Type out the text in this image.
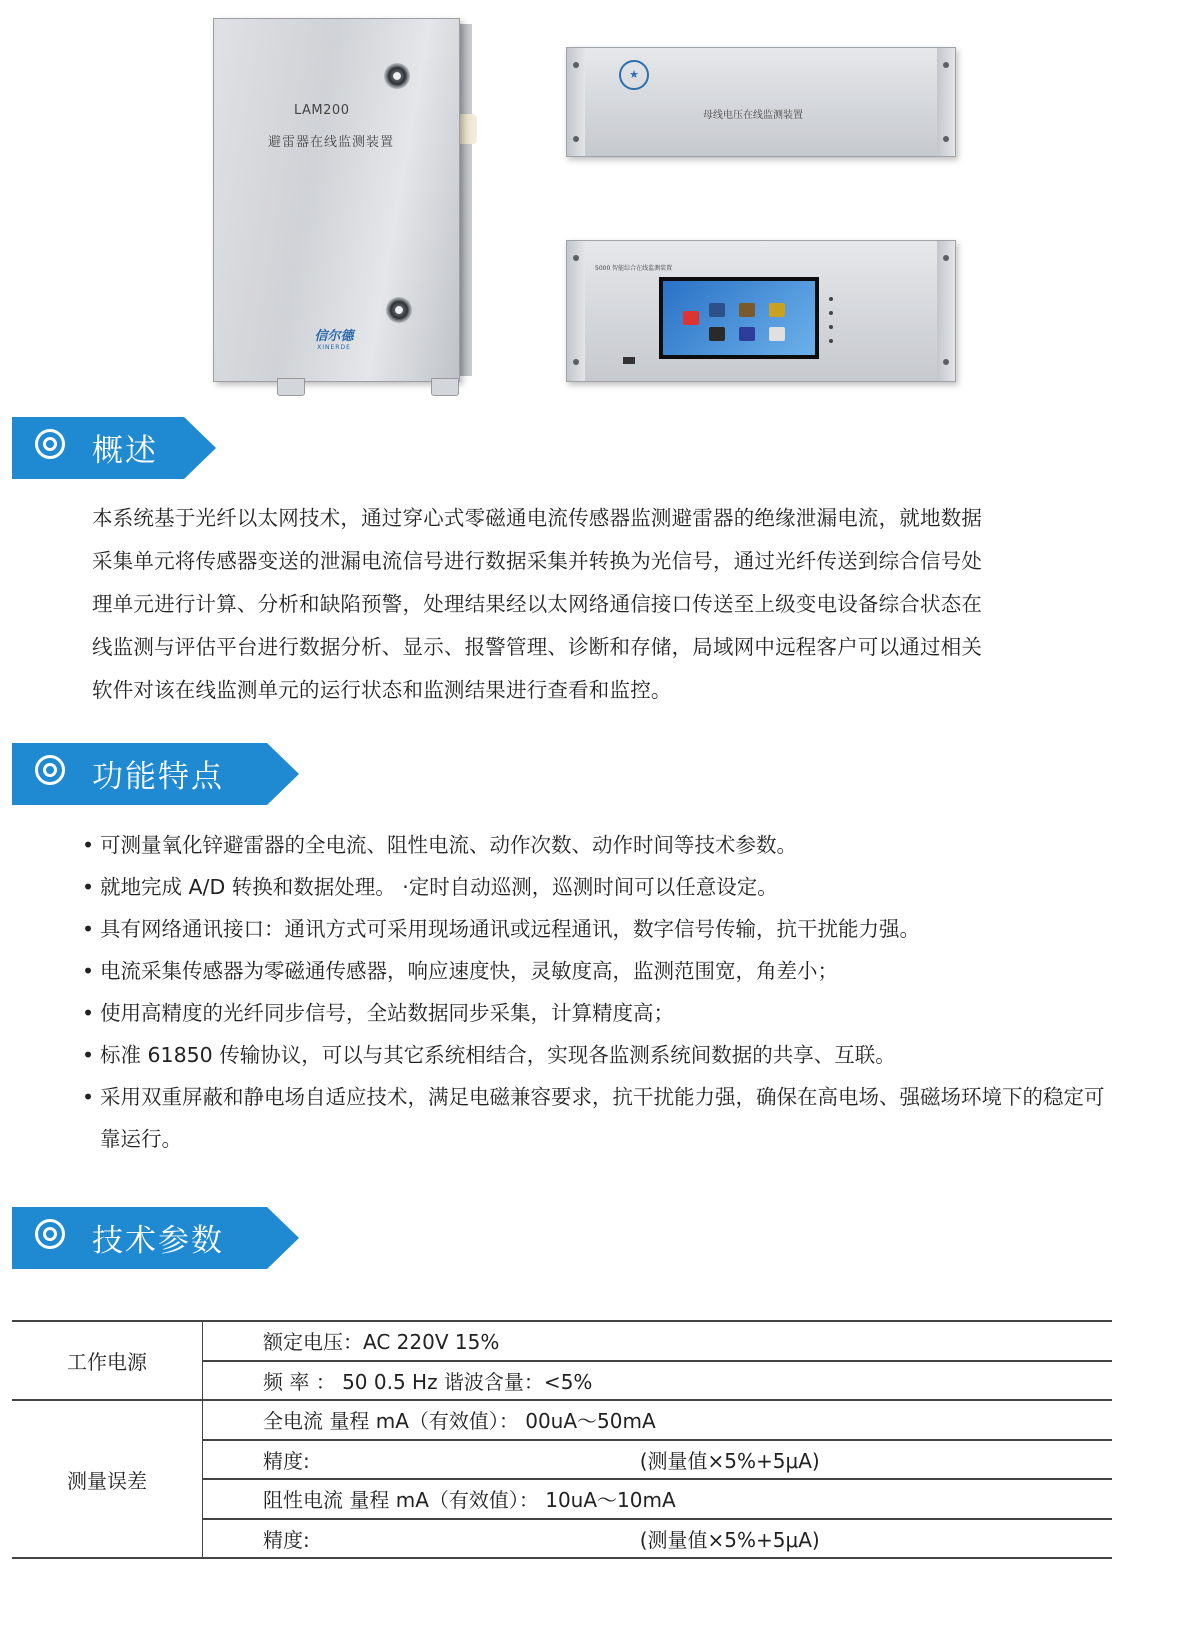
LAM200
避雷器在线监测装置
信尔德
XINERDE
★
母线电压在线监测装置
5000 智能综合在线监测装置
概述
本系统基于光纤以太网技术，通过穿心式零磁通电流传感器监测避雷器的绝缘泄漏电流，就地数据
采集单元将传感器变送的泄漏电流信号进行数据采集并转换为光信号，通过光纤传送到综合信号处
理单元进行计算、分析和缺陷预警，处理结果经以太网络通信接口传送至上级变电设备综合状态在
线监测与评估平台进行数据分析、显示、报警管理、诊断和存储，局域网中远程客户可以通过相关
软件对该在线监测单元的运行状态和监测结果进行查看和监控。
功能特点
• 可测量氧化锌避雷器的全电流、阻性电流、动作次数、动作时间等技术参数。
• 就地完成 A/D 转换和数据处理。 ·定时自动巡测，巡测时间可以任意设定。
• 具有网络通讯接口：通讯方式可采用现场通讯或远程通讯，数字信号传输，抗干扰能力强。
• 电流采集传感器为零磁通传感器，响应速度快，灵敏度高，监测范围宽，角差小；
• 使用高精度的光纤同步信号，全站数据同步采集，计算精度高；
• 标准 61850 传输协议，可以与其它系统相结合，实现各监测系统间数据的共享、互联。
• 采用双重屏蔽和静电场自适应技术，满足电磁兼容要求，抗干扰能力强，确保在高电场、强磁场环境下的稳定可靠运行。
技术参数
工作电源	额定电压：AC 220V 15%
	频 率 ： 50 0.5 Hz 谐波含量：<5%
测量误差	全电流 量程 mA（有效值）： 00uA～50mA
	精度: (测量值×5%+5μA)
	阻性电流 量程 mA（有效值）： 10uA～10mA
	精度: (测量值×5%+5μA)
